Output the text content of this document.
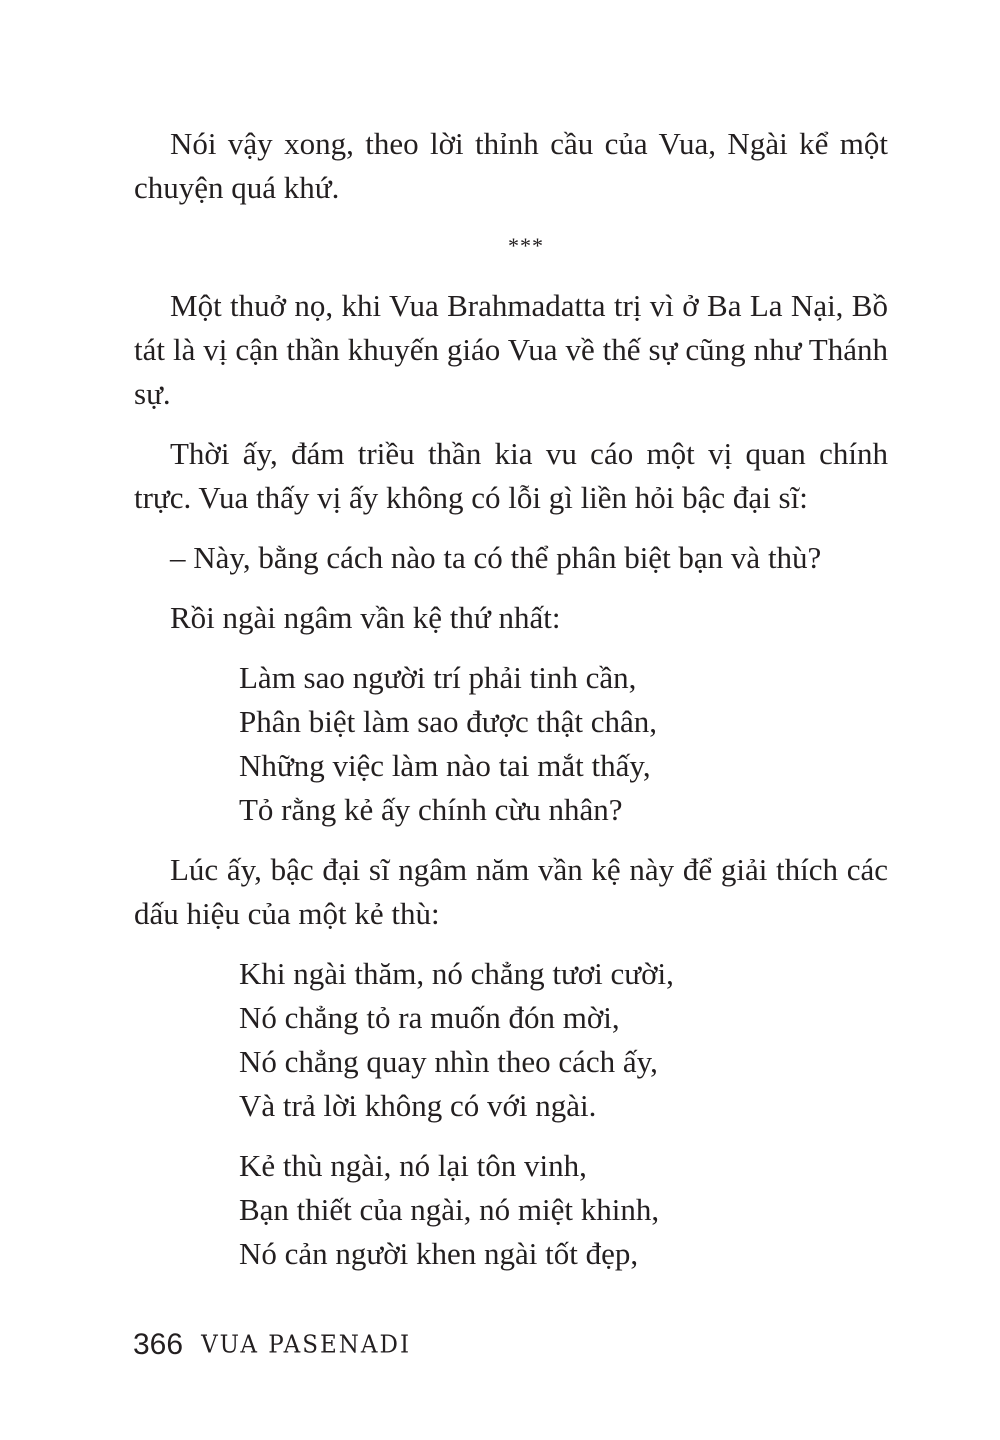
Nói vậy xong, theo lời thỉnh cầu của Vua, Ngài kể một chuyện quá khứ.

***

Một thuở nọ, khi Vua Brahmadatta trị vì ở Ba La Nại, Bồ tát là vị cận thần khuyến giáo Vua về thế sự cũng như Thánh sự.

Thời ấy, đám triều thần kia vu cáo một vị quan chính trực. Vua thấy vị ấy không có lỗi gì liền hỏi bậc đại sĩ:

– Này, bằng cách nào ta có thể phân biệt bạn và thù?

Rồi ngài ngâm vần kệ thứ nhất:

Làm sao người trí phải tinh cần,
Phân biệt làm sao được thật chân,
Những việc làm nào tai mắt thấy,
Tỏ rằng kẻ ấy chính cừu nhân?

Lúc ấy, bậc đại sĩ ngâm năm vần kệ này để giải thích các dấu hiệu của một kẻ thù:

Khi ngài thăm, nó chẳng tươi cười,
Nó chẳng tỏ ra muốn đón mời,
Nó chẳng quay nhìn theo cách ấy,
Và trả lời không có với ngài.
Kẻ thù ngài, nó lại tôn vinh,
Bạn thiết của ngài, nó miệt khinh,
Nó cản người khen ngài tốt đẹp,
366 VUA PASENADI
